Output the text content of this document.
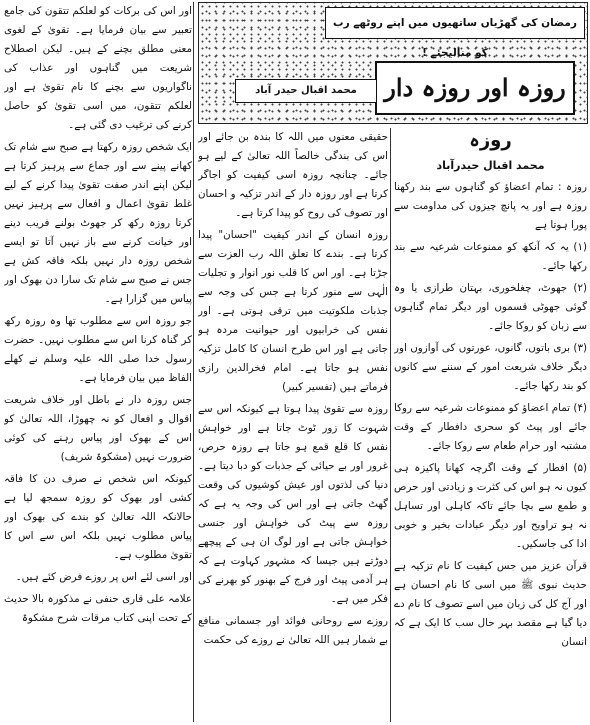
رمضان کی گھڑیاں ساتھیوں میں اپنے روٹھے رب کو منالیجئے !
روزہ اور روزہ دار
محمد اقبال حیدر آباد

روزہ

محمد اقبال حیدرآباد

روزہ : تمام اعضاؤ کو گناہوں سے بند رکھنا روزہ ہے اور یہ پانچ چیزوں کی مداومت سے پورا ہوتا ہے

(۱) یہ کہ آنکھ کو ممنوعات شرعیہ سے بند رکھا جائے۔

(۲) جھوٹ، چغلخوری، بہتان طرازی یا وہ گوئی جھوٹی قسموں اور دیگر تمام گناہوں سے زبان کو روکا جائے۔

(۳) بری باتوں، گانوں، عورتوں کی آوازوں اور دیگر خلاف شریعت امور کے سننے سے کانوں کو بند رکھا جائے۔

(۴) تمام اعضاؤ کو ممنوعات شرعیہ سے روکا جائے اور پیٹ کو سحری دافطار کے وقت مشتبہ اور حرام طعام سے روکا جائے۔

(۵) افطار کے وقت اگرچہ کھانا پاکیزہ ہی کیوں نہ ہو اس کی کثرت و زیادتی اور حرص و طمع سے بچا جائے تاکہ کاہلی اور تساہل نہ ہو تراویح اور دیگر عبادات بخیر و خوبی ادا کی جاسکیں۔

قرآن عزیز میں جس کیفیت کا نام تزکیہ ہے حدیث نبوی ﷺ میں اسی کا نام احسان ہے اور آج کل کی زبان میں اسے تصوف کا نام دے دیا گیا ہے مقصد بہر حال سب کا ایک ہے کہ انسان

حقیقی معنوں میں اللہ کا بندہ بن جائے اور اس کی بندگی خالصاً اللہ تعالیٰ کے لیے ہو جائے۔ چنانچہ روزہ اسی کیفیت کو اجاگر کرتا ہے اور روزہ دار کے اندر تزکیہ و احسان اور تصوف کی روح کو پیدا کرتا ہے۔

روزہ انسان کے اندر کیفیت "احسان" پیدا کرتا ہے۔ بندے کا تعلق اللہ رب العزت سے جڑتا ہے۔ اور اس کا قلب نور انوار و تجلیات الٰہی سے منور کرتا ہے جس کی وجہ سے جذبات ملکوتیت میں ترقی ہوتی ہے۔ اور نفس کی خرابیوں اور حیوانیت مردہ ہو جاتی ہے اور اس طرح انسان کا کامل تزکیہ نفس ہو جاتا ہے۔ امام فخرالدین رازی فرماتے ہیں (تفسیر کبیر)

روزہ سے تقویٰ پیدا ہوتا ہے کیونکہ اس سے شہوت کا زور ٹوٹ جاتا ہے اور خواہش نفس کا قلع قمع ہو جاتا ہے روزہ حرص، غرور اور بے حیائی کے جذبات کو دبا دیتا ہے۔ دنیا کی لذتوں اور عیش کوشیوں کی وقعت گھٹ جاتی ہے اور اس کی وجہ یہ ہے کہ روزہ سے پیٹ کی خواہش اور جنسی خواہش جاتی ہے اور لوگ ان ہی کے پیچھے دوڑتے ہیں جیسا کہ مشہور کہاوت ہے کہ ہر آدمی پیٹ اور فرج کے بھنور کو بھرنے کی فکر میں ہے۔

روزے سے روحانی فوائد اور جسمانی منافع بے شمار ہیں اللہ تعالیٰ نے روزے کی حکمت

اور اس کی برکات کو لعلکم تتقون کی جامع تعبیر سے بیان فرمایا ہے۔ تقویٰ کے لغوی معنی مطلق بچنے کے ہیں۔ لیکن اصطلاح شریعت میں گناہوں اور عذاب کی ناگواریوں سے بچنے کا نام تقویٰ ہے اور لعلکم تتقون، میں اسی تقویٰ کو حاصل کرنے کی ترغیب دی گئی ہے۔

ایک شخص روزہ رکھتا ہے صبح سے شام تک کھانے پینے سے اور جماع سے پرہیز کرتا ہے لیکن اپنے اندر صفت تقویٰ پیدا کرنے کے لیے غلط تقویٰ اعمال و افعال سے پرہیز نہیں کرتا روزہ رکھ کر جھوٹ بولنے فریب دینے اور خیانت کرنے سے باز نہیں آتا تو ایسے شخص روزہ دار نہیں بلکہ فاقہ کش ہے جس نے صبح سے شام تک سارا دن بھوک اور پیاس میں گزارا ہے۔

جو روزہ اس سے مطلوب تھا وہ روزہ رکھ کر گناہ کرنا اس سے مطلوب نہیں۔ حضرت رسول خدا صلی اللہ علیہ وسلم نے کھلے الفاظ میں بیان فرمایا ہے۔

جس روزہ دار نے باطل اور خلاف شریعت اقوال و افعال کو نہ چھوڑا، اللہ تعالیٰ کو اس کے بھوک اور پیاس رہنے کی کوئی ضرورت نہیں (مشکوۃ شریف)

کیونکہ اس شخص نے صرف دن کا فاقہ کشی اور بھوک کو روزہ سمجھ لیا ہے حالانکہ اللہ تعالیٰ کو بندے کی بھوک اور پیاس مطلوب نہیں بلکہ اس سے اس کا تقویٰ مطلوب ہے۔

اور اسی لئے اس پر روزے فرض کئے ہیں۔

علامہ علی قاری حنفی نے مذکورہ بالا حدیث کے تحت اپنی کتاب مرقات شرح مشکوۃ
